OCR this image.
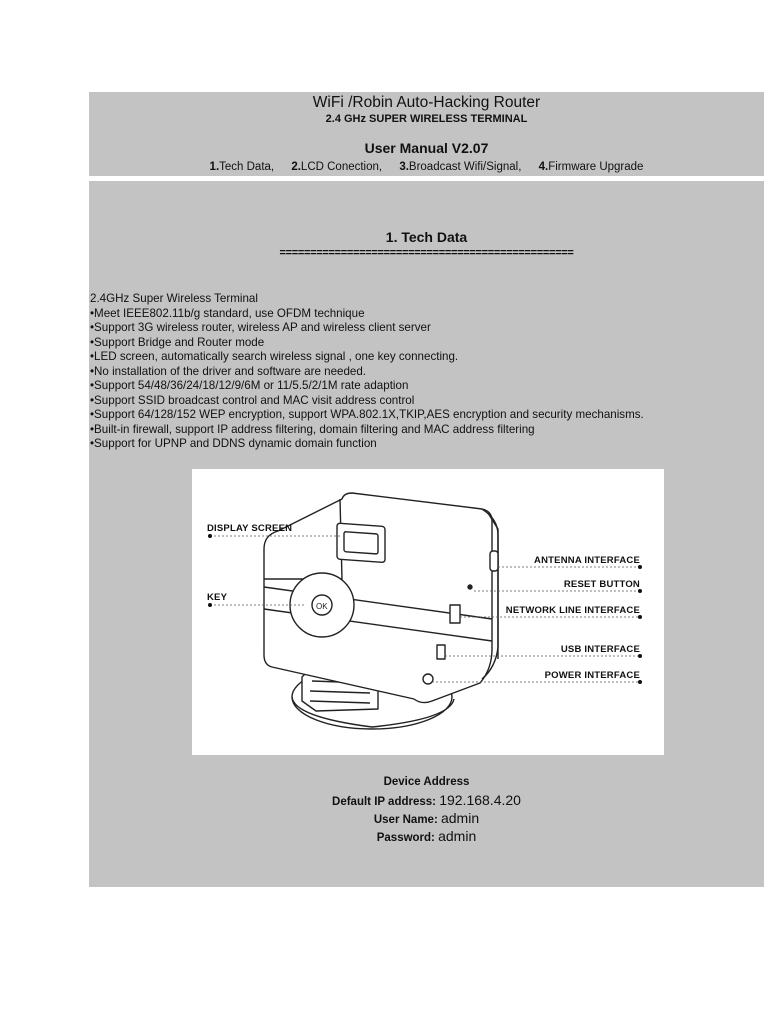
WiFi /Robin Auto-Hacking Router
2.4 GHz SUPER WIRELESS TERMINAL
User Manual V2.07
1.Tech Data, 2.LCD Conection, 3.Broadcast Wifi/Signal, 4.Firmware Upgrade
1. Tech Data
================================================
2.4GHz Super Wireless Terminal
•Meet IEEE802.11b/g standard, use OFDM technique
•Support 3G wireless router, wireless AP and wireless client server
•Support Bridge and Router mode
•LED screen, automatically search wireless signal , one key connecting.
•No installation of the driver and software are needed.
•Support 54/48/36/24/18/12/9/6M or 11/5.5/2/1M rate adaption
•Support SSID broadcast control and MAC visit address control
•Support 64/128/152 WEP encryption, support WPA.802.1X,TKIP,AES encryption and security mechanisms.
•Built-in firewall, support IP address filtering, domain filtering and MAC address filtering
•Support for UPNP and DDNS dynamic domain function
OK
DISPLAY SCREEN
KEY
ANTENNA INTERFACE
RESET BUTTON
NETWORK LINE INTERFACE
USB INTERFACE
POWER INTERFACE
Device Address
Default IP address: 192.168.4.20
User Name: admin
Password: admin
